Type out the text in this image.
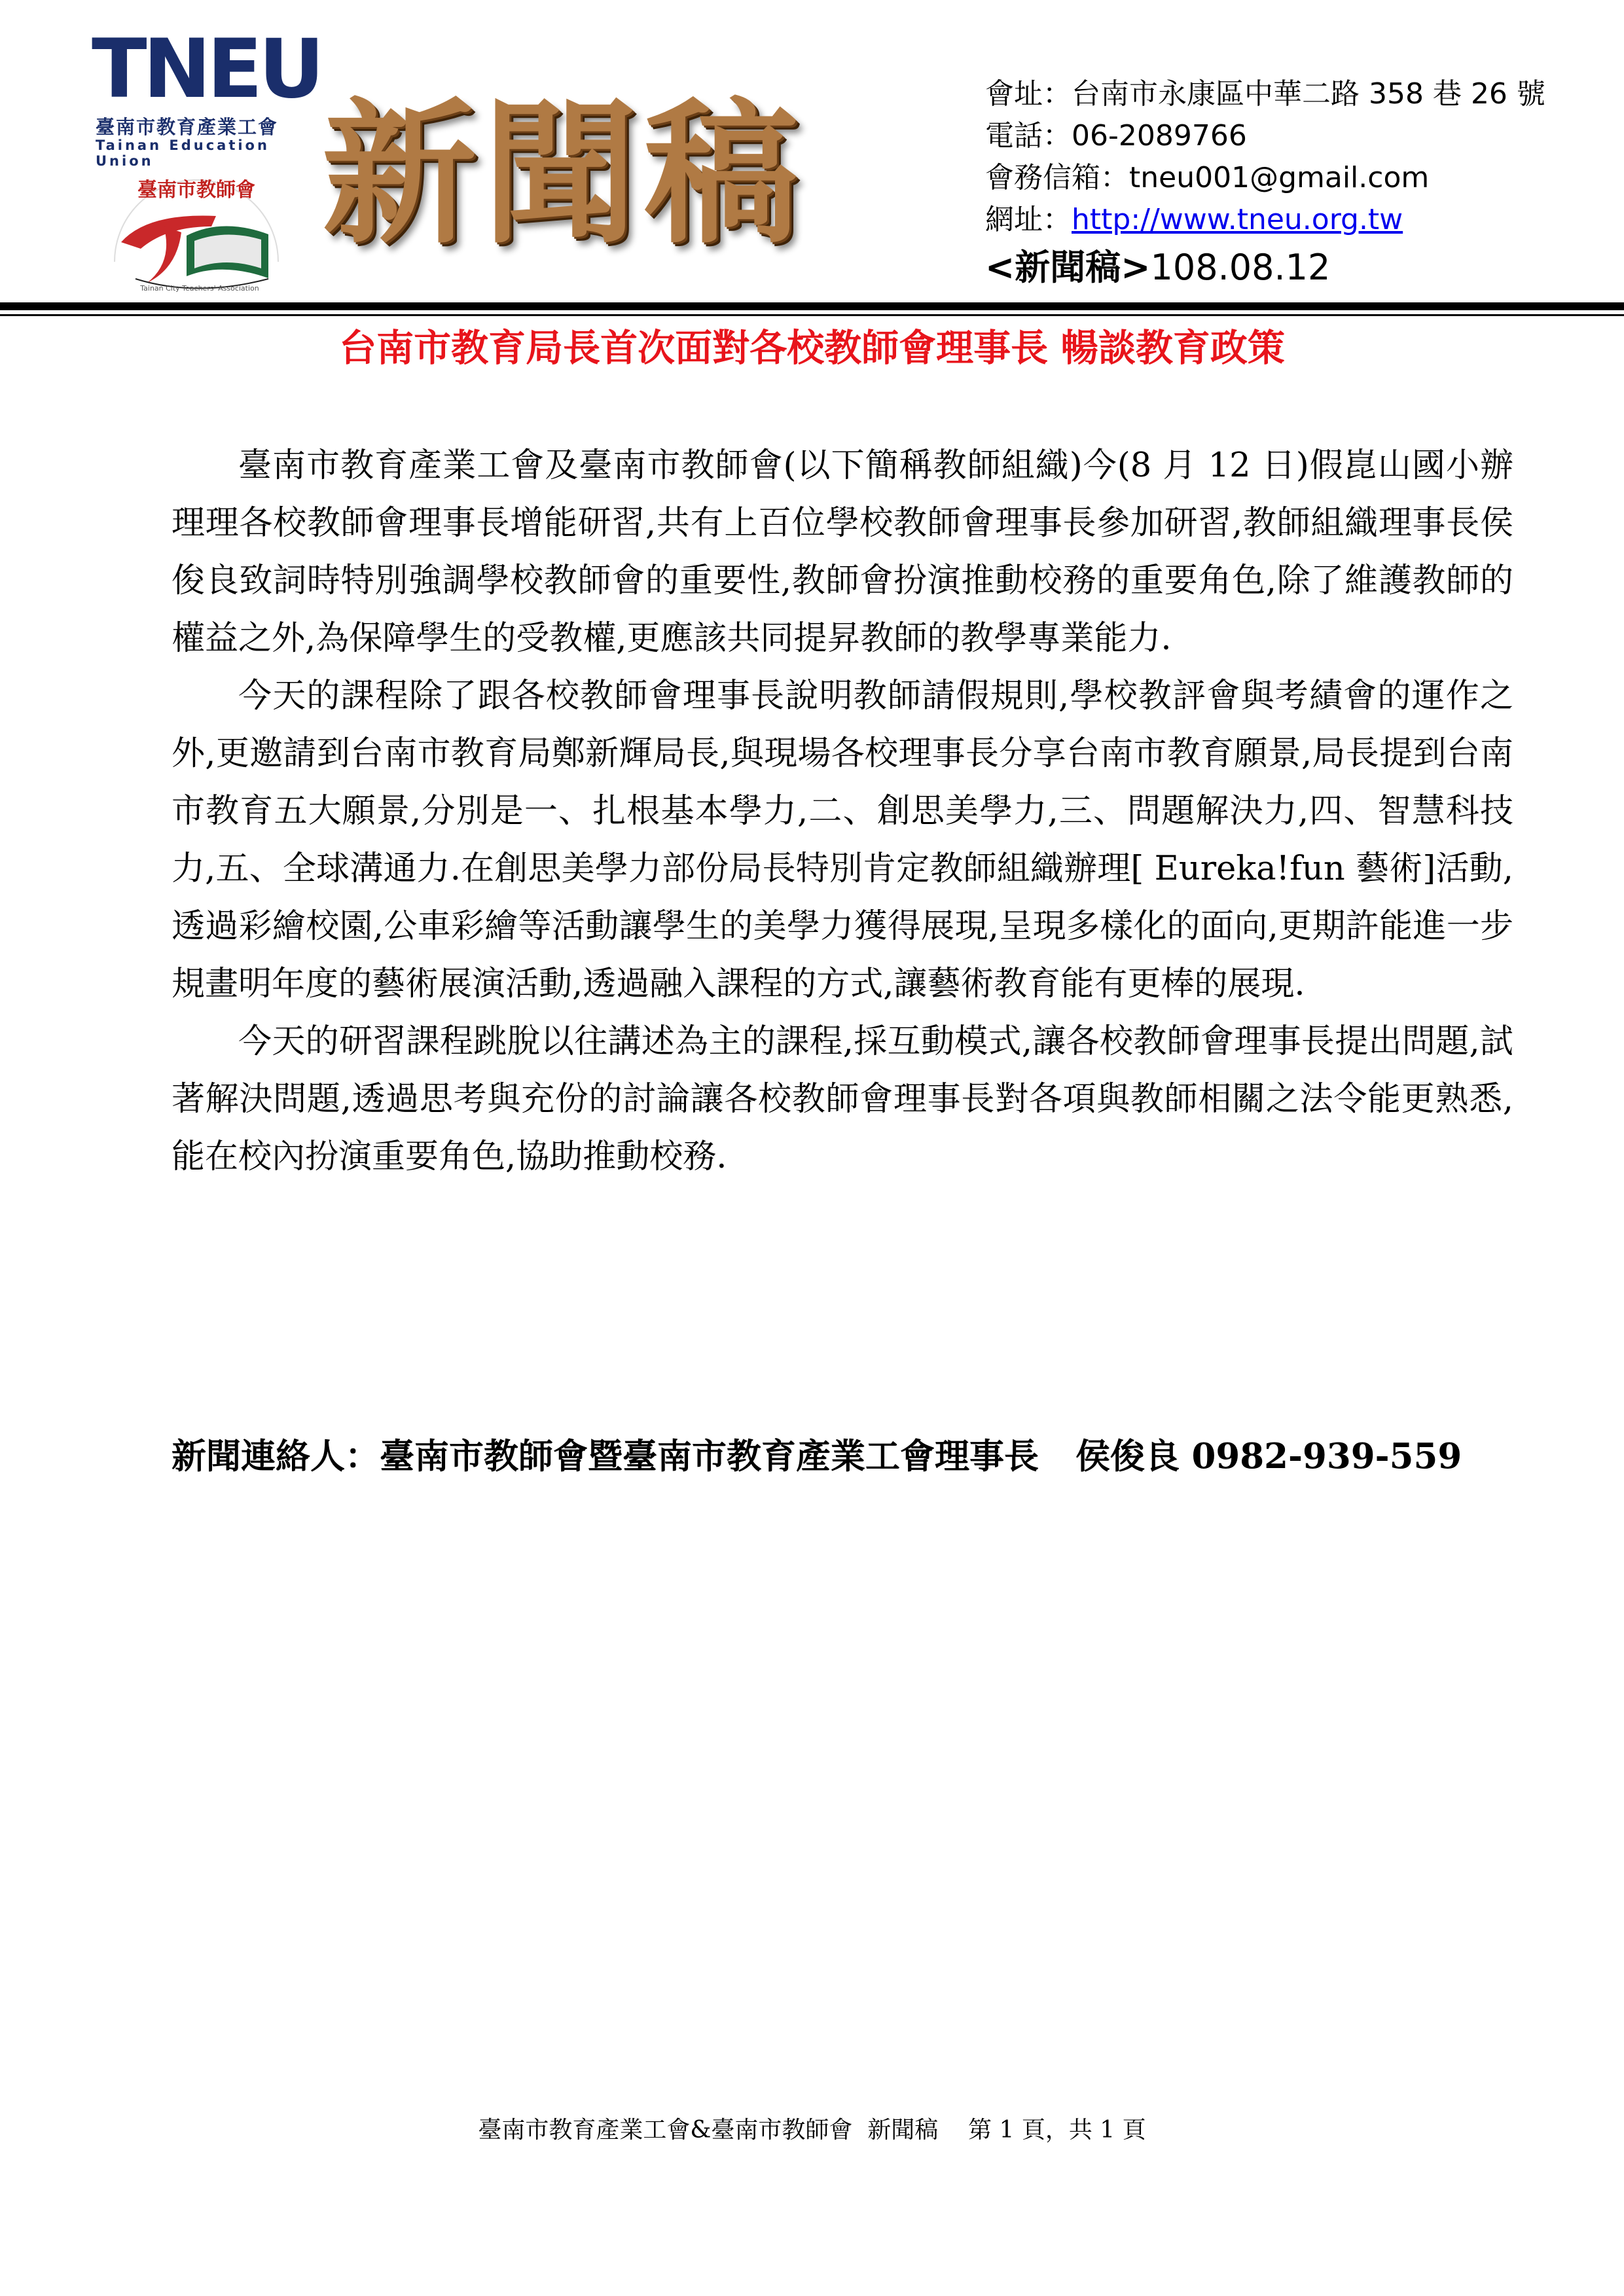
TNEU
臺南市教育產業工會
Tainan Education Union
臺南市教師會
Tainan City Teachers' Association
新聞稿	會址：台南市永康區中華二路 358 巷 26 號
電話：06-2089766
會務信箱：tneu001@gmail.com
網址：http://www.tneu.org.tw
<新聞稿>108.08.12
台南市教育局長首次面對各校教師會理事長 暢談教育政策

臺南市教育產業工會及臺南市教師會(以下簡稱教師組織)今(8 月 12 日)假崑山國小辦理理各校教師會理事長增能研習,共有上百位學校教師會理事長參加研習,教師組織理事長侯俊良致詞時特別強調學校教師會的重要性,教師會扮演推動校務的重要角色,除了維護教師的權益之外,為保障學生的受教權,更應該共同提昇教師的教學專業能力.

今天的課程除了跟各校教師會理事長說明教師請假規則,學校教評會與考績會的運作之外,更邀請到台南市教育局鄭新輝局長,與現場各校理事長分享台南市教育願景,局長提到台南市教育五大願景,分別是一、扎根基本學力,二、創思美學力,三、問題解決力,四、智慧科技力,五、全球溝通力.在創思美學力部份局長特別肯定教師組織辦理[ Eureka!fun 藝術]活動,透過彩繪校園,公車彩繪等活動讓學生的美學力獲得展現,呈現多樣化的面向,更期許能進一步規畫明年度的藝術展演活動,透過融入課程的方式,讓藝術教育能有更棒的展現.

今天的研習課程跳脫以往講述為主的課程,採互動模式,讓各校教師會理事長提出問題,試著解決問題,透過思考與充份的討論讓各校教師會理事長對各項與教師相關之法令能更熟悉,能在校內扮演重要角色,協助推動校務.

新聞連絡人：臺南市教師會暨臺南市教育產業工會理事長 侯俊良 0982-939-559
臺南市教育產業工會&臺南市教師會  新聞稿    第 1 頁，共 1 頁
